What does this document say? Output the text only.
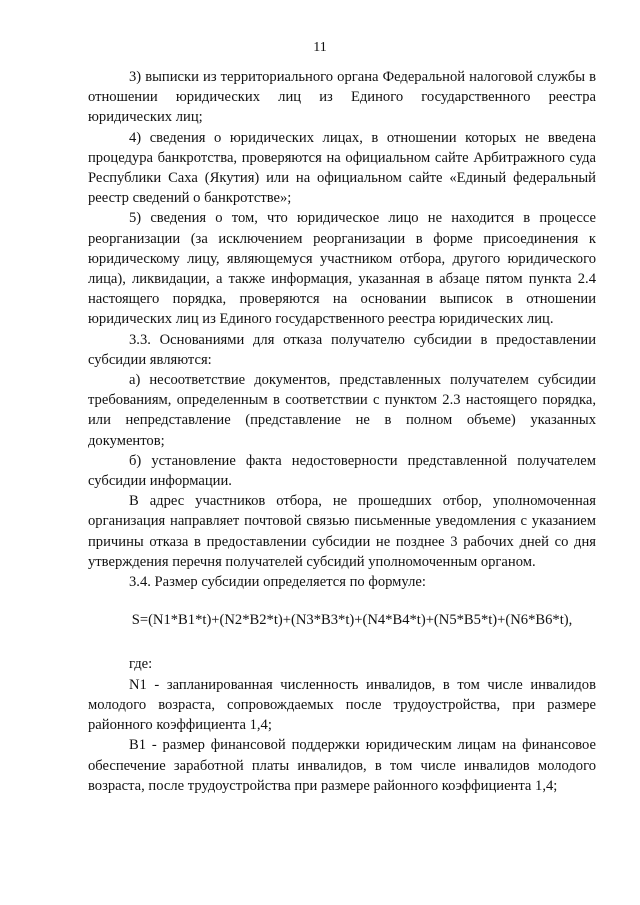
11

3) выписки из территориального органа Федеральной налоговой службы в отношении юридических лиц из Единого государственного реестра юридических лиц;

4) сведения о юридических лицах, в отношении которых не введена процедура банкротства, проверяются на официальном сайте Арбитражного суда Республики Саха (Якутия) или на официальном сайте «Единый федеральный реестр сведений о банкротстве»;

5) сведения о том, что юридическое лицо не находится в процессе реорганизации (за исключением реорганизации в форме присоединения к юридическому лицу, являющемуся участником отбора, другого юридического лица), ликвидации, а также информация, указанная в абзаце пятом пункта 2.4 настоящего порядка, проверяются на основании выписок в отношении юридических лиц из Единого государственного реестра юридических лиц.

3.3. Основаниями для отказа получателю субсидии в предоставлении субсидии являются:

а) несоответствие документов, представленных получателем субсидии требованиям, определенным в соответствии с пунктом 2.3 настоящего порядка, или непредставление (представление не в полном объеме) указанных документов;

б) установление факта недостоверности представленной получателем субсидии информации.

В адрес участников отбора, не прошедших отбор, уполномоченная организация направляет почтовой связью письменные уведомления с указанием причины отказа в предоставлении субсидии не позднее 3 рабочих дней со дня утверждения перечня получателей субсидий уполномоченным органом.

3.4. Размер субсидии определяется по формуле:

S=(N1*B1*t)+(N2*B2*t)+(N3*B3*t)+(N4*B4*t)+(N5*B5*t)+(N6*B6*t),

где:

N1 - запланированная численность инвалидов, в том числе инвалидов молодого возраста, сопровождаемых после трудоустройства, при размере районного коэффициента 1,4;

B1 - размер финансовой поддержки юридическим лицам на финансовое обеспечение заработной платы инвалидов, в том числе инвалидов молодого возраста, после трудоустройства при размере районного коэффициента 1,4;
